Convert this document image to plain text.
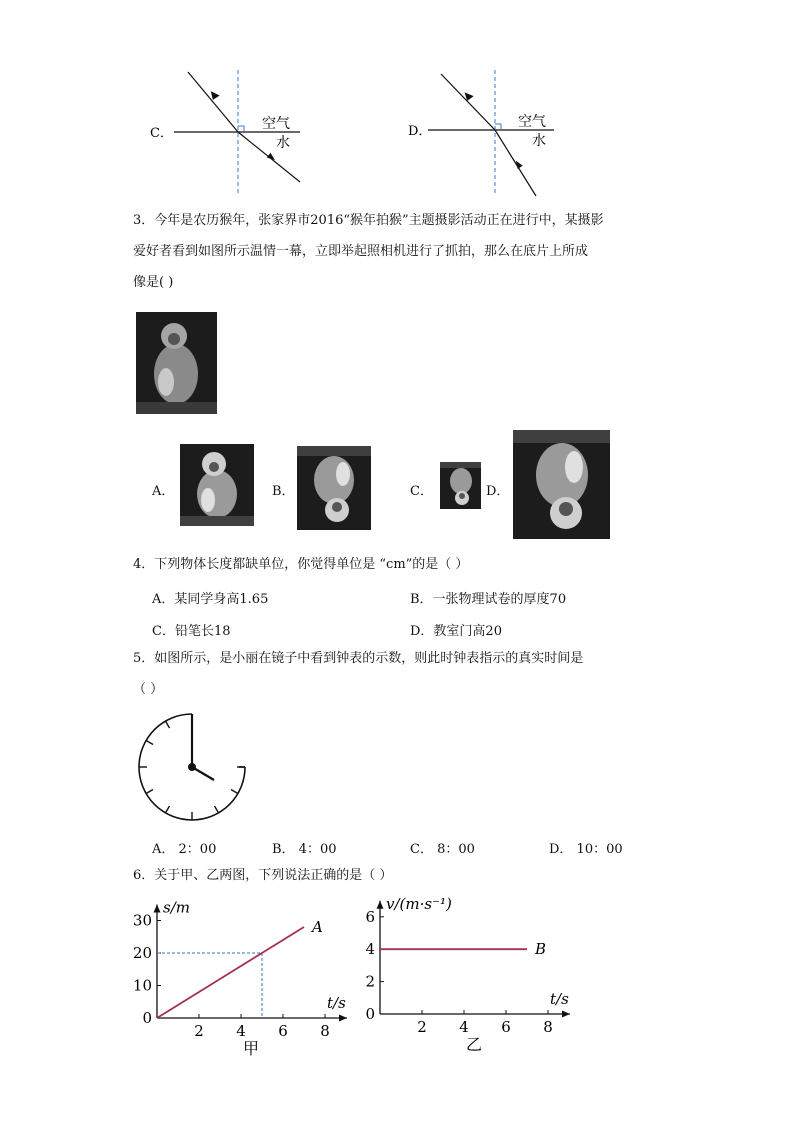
C．
空气
水
D．
空气
水
3．今年是农历猴年，张家界市2016“猴年拍猴”主题摄影活动正在进行中，某摄影
爱好者看到如图所示温情一幕，立即举起照相机进行了抓拍，那么在底片上所成
像是( )
A．	B．	C．	D．
4．下列物体长度都缺单位，你觉得单位是 “cm”的是（ ）
A．某同学身高1.65	B．一张物理试卷的厚度70
C．铅笔长18	D．教室门高20
5．如图所示，是小丽在镜子中看到钟表的示数，则此时钟表指示的真实时间是
（ ）
A． 2：00	B． 4：00	C． 8：00	D． 10：00
6．关于甲、乙两图，下列说法正确的是（ ）
2 4 6 8
0
10
20
30	A
s/m
t/s
甲
2 4 6 8
0
2
4
6
B
v/(m·s⁻¹)
t/s
乙
